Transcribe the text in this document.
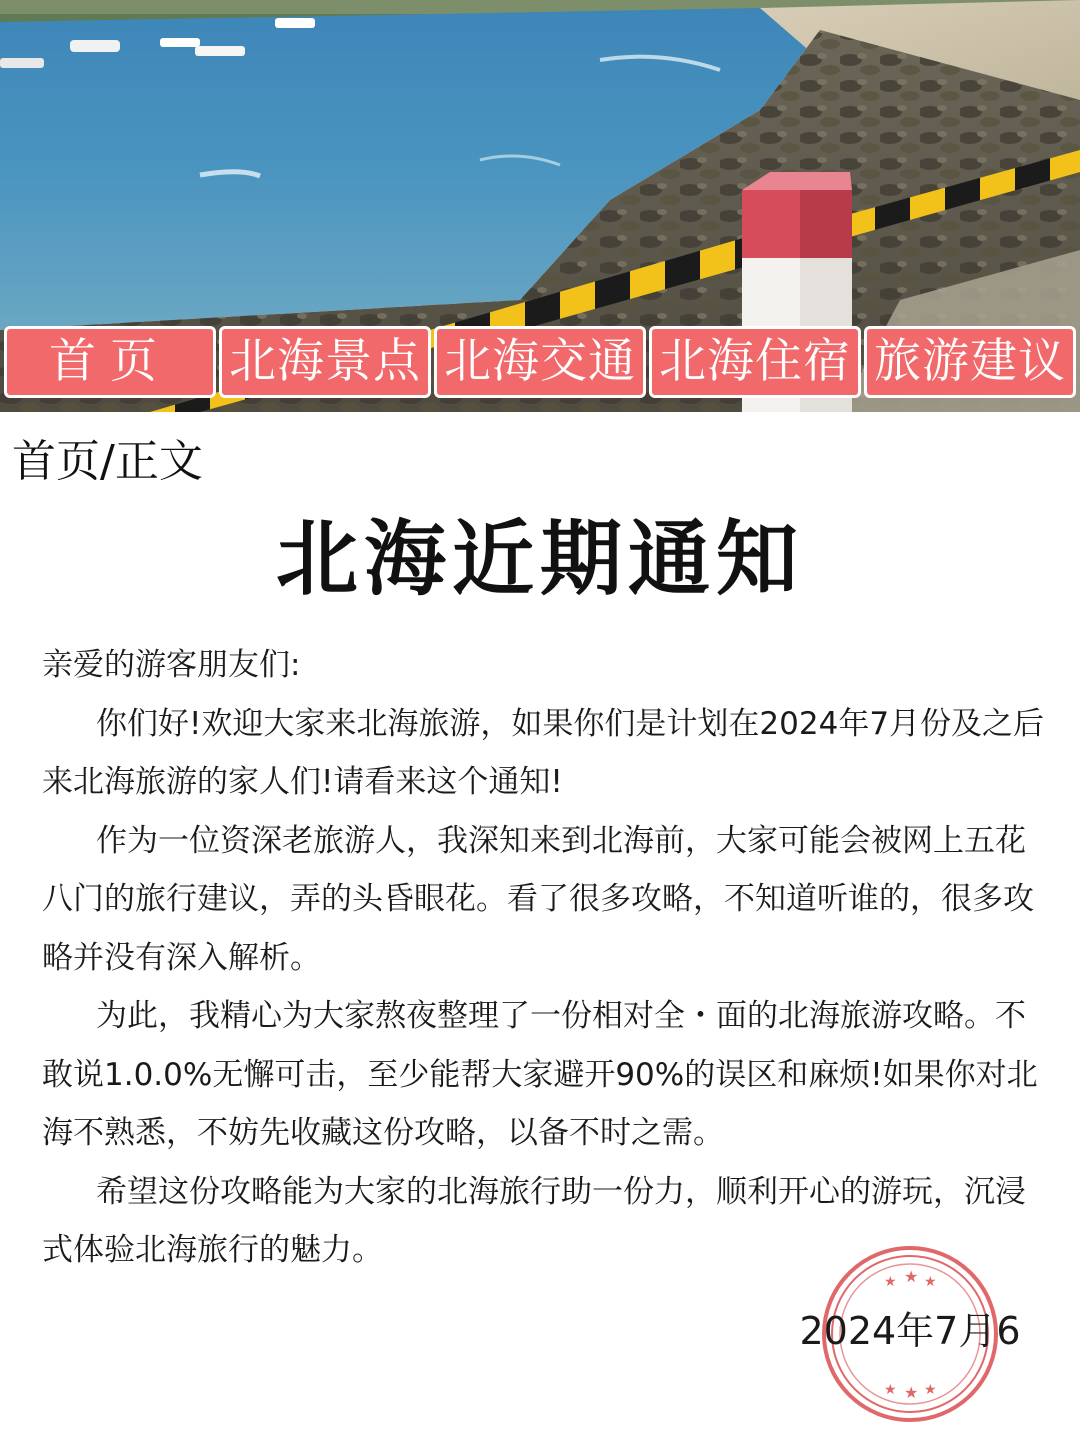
首页	北海景点 北海交通 北海住宿 旅游建议
首页/正文
北海近期通知

亲爱的游客朋友们:

你们好!欢迎大家来北海旅游，如果你们是计划在2024年7月份及之后来北海旅游的家人们!请看来这个通知!

作为一位资深老旅游人，我深知来到北海前，大家可能会被网上五花八门的旅行建议，弄的头昏眼花。看了很多攻略，不知道听谁的，很多攻略并没有深入解析。

为此，我精心为大家熬夜整理了一份相对全・面的北海旅游攻略。不敢说1.0.0%无懈可击，至少能帮大家避开90%的误区和麻烦!如果你对北海不熟悉，不妨先收藏这份攻略，以备不时之需。

希望这份攻略能为大家的北海旅行助一份力，顺利开心的游玩，沉浸式体验北海旅行的魅力。

★ ★ ★
★ ★ ★
2024年7月6
